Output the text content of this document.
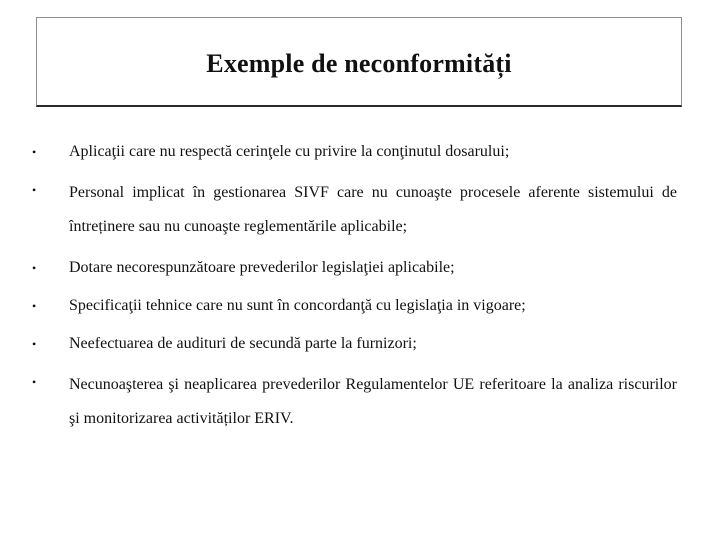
Exemple de neconformități
•	Aplicaţii care nu respectă cerinţele cu privire la conţinutul dosarului;
•	Personal implicat în gestionarea SIVF care nu cunoaşte procesele aferente sistemului de întreținere sau nu cunoaşte reglementările aplicabile;
•	Dotare necorespunzătoare prevederilor legislaţiei aplicabile;
•	Specificaţii tehnice care nu sunt în concordanţă cu legislaţia in vigoare;
•	Neefectuarea de audituri de secundă parte la furnizori;
•	Necunoaşterea şi neaplicarea prevederilor Regulamentelor UE referitoare la analiza riscurilor şi monitorizarea activităților ERIV.
